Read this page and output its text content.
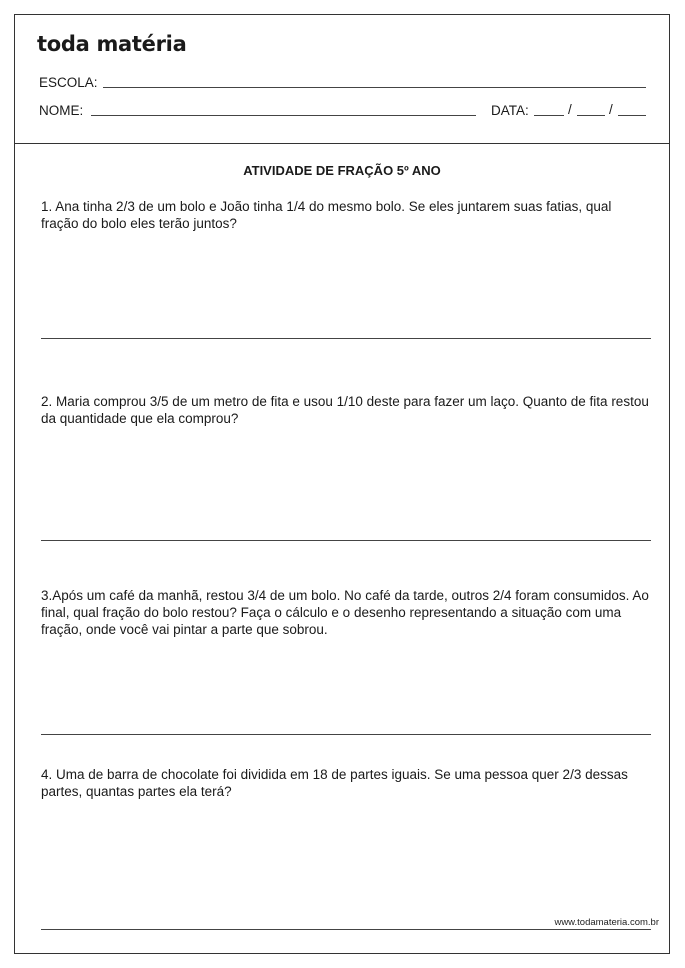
toda matéria
ESCOLA:
NOME:	DATA:	/	/
ATIVIDADE DE FRAÇÃO 5º ANO
1. Ana tinha 2/3 de um bolo e João tinha 1/4 do mesmo bolo. Se eles juntarem suas fatias, qual fração do bolo eles terão juntos?
2. Maria comprou 3/5 de um metro de fita e usou 1/10 deste para fazer um laço. Quanto de fita restou da quantidade que ela comprou?
3.Após um café da manhã, restou 3/4 de um bolo. No café da tarde, outros 2/4 foram consumidos. Ao final, qual fração do bolo restou? Faça o cálculo e o desenho representando a situação com uma fração, onde você vai pintar a parte que sobrou.
4. Uma de barra de chocolate foi dividida em 18 de partes iguais. Se uma pessoa quer 2/3 dessas partes, quantas partes ela terá?
www.todamateria.com.br
